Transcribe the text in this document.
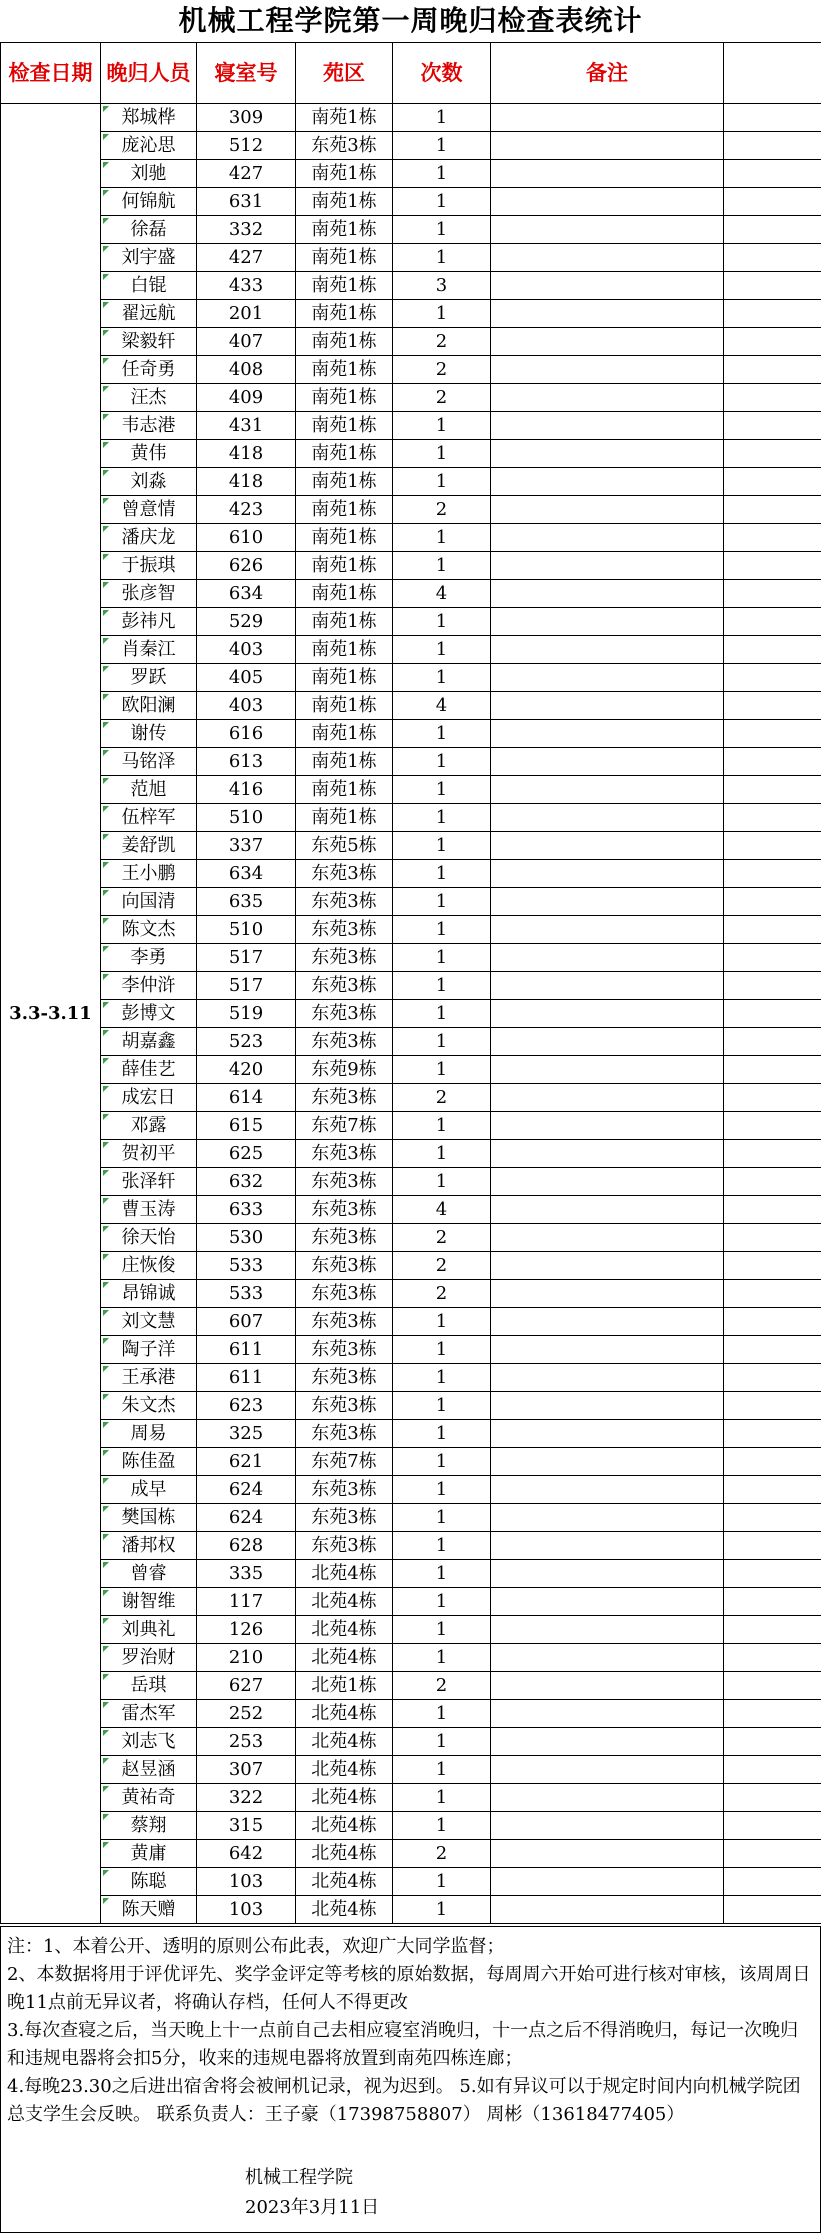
机械工程学院第一周晚归检查表统计
检查日期	晚归人员	寝室号	苑区	次数	备注	
3.3-3.11	郑城桦	309	南苑1栋	1		
	庞沁思	512	东苑3栋	1		
	刘驰	427	南苑1栋	1		
	何锦航	631	南苑1栋	1		
	徐磊	332	南苑1栋	1		
	刘宇盛	427	南苑1栋	1		
	白锟	433	南苑1栋	3		
	翟远航	201	南苑1栋	1		
	梁毅轩	407	南苑1栋	2		
	任奇勇	408	南苑1栋	2		
	汪杰	409	南苑1栋	2		
	韦志港	431	南苑1栋	1		
	黄伟	418	南苑1栋	1		
	刘淼	418	南苑1栋	1		
	曾意情	423	南苑1栋	2		
	潘庆龙	610	南苑1栋	1		
	于振琪	626	南苑1栋	1		
	张彦智	634	南苑1栋	4		
	彭祎凡	529	南苑1栋	1		
	肖秦江	403	南苑1栋	1		
	罗跃	405	南苑1栋	1		
	欧阳澜	403	南苑1栋	4		
	谢传	616	南苑1栋	1		
	马铭泽	613	南苑1栋	1		
	范旭	416	南苑1栋	1		
	伍梓军	510	南苑1栋	1		
	姜舒凯	337	东苑5栋	1		
	王小鹏	634	东苑3栋	1		
	向国清	635	东苑3栋	1		
	陈文杰	510	东苑3栋	1		
	李勇	517	东苑3栋	1		
	李仲浒	517	东苑3栋	1		
	彭博文	519	东苑3栋	1		
	胡嘉鑫	523	东苑3栋	1		
	薛佳艺	420	东苑9栋	1		
	成宏日	614	东苑3栋	2		
	邓露	615	东苑7栋	1		
	贺初平	625	东苑3栋	1		
	张泽轩	632	东苑3栋	1		
	曹玉涛	633	东苑3栋	4		
	徐天怡	530	东苑3栋	2		
	庄恢俊	533	东苑3栋	2		
	昂锦诚	533	东苑3栋	2		
	刘文慧	607	东苑3栋	1		
	陶子洋	611	东苑3栋	1		
	王承港	611	东苑3栋	1		
	朱文杰	623	东苑3栋	1		
	周易	325	东苑3栋	1		
	陈佳盈	621	东苑7栋	1		
	成早	624	东苑3栋	1		
	樊国栋	624	东苑3栋	1		
	潘邦权	628	东苑3栋	1		
	曾睿	335	北苑4栋	1		
	谢智维	117	北苑4栋	1		
	刘典礼	126	北苑4栋	1		
	罗治财	210	北苑4栋	1		
	岳琪	627	北苑1栋	2		
	雷杰军	252	北苑4栋	1		
	刘志飞	253	北苑4栋	1		
	赵昱涵	307	北苑4栋	1		
	黄祐奇	322	北苑4栋	1		
	蔡翔	315	北苑4栋	1		
	黄庸	642	北苑4栋	2		
	陈聪	103	北苑4栋	1		
	陈天赠	103	北苑4栋	1		

注：1、本着公开、透明的原则公布此表，欢迎广大同学监督；

2、本数据将用于评优评先、奖学金评定等考核的原始数据，每周周六开始可进行核对审核，该周周日晚11点前无异议者，将确认存档，任何人不得更改

3.每次查寝之后，当天晚上十一点前自己去相应寝室消晚归，十一点之后不得消晚归，每记一次晚归和违规电器将会扣5分，收来的违规电器将放置到南苑四栋连廊；

4.每晚23.30之后进出宿舍将会被闸机记录，视为迟到。 5.如有异议可以于规定时间内向机械学院团总支学生会反映。 联系负责人：王子豪（17398758807） 周彬（13618477405）

机械工程学院
2023年3月11日
